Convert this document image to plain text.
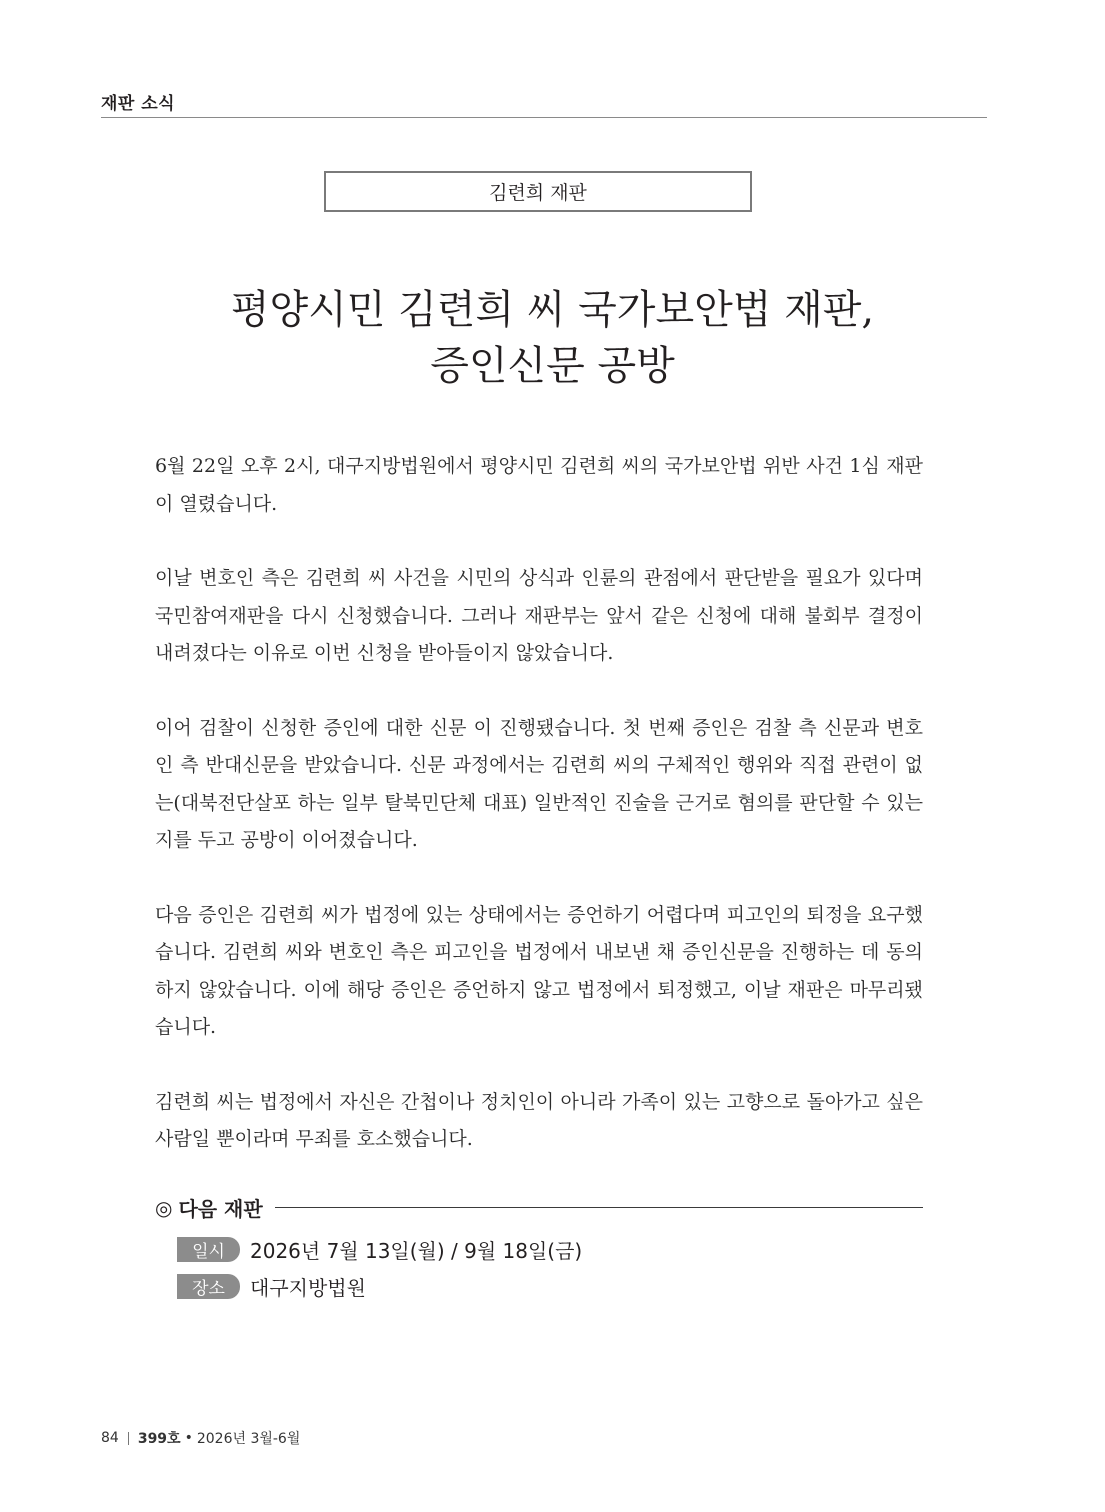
재판 소식
김련희 재판
평양시민 김련희 씨 국가보안법 재판,
증인신문 공방

6월 22일 오후 2시, 대구지방법원에서 평양시민 김련희 씨의 국가보안법 위반 사건 1심 재판이 열렸습니다.

이날 변호인 측은 김련희 씨 사건을 시민의 상식과 인륜의 관점에서 판단받을 필요가 있다며 국민참여재판을 다시 신청했습니다. 그러나 재판부는 앞서 같은 신청에 대해 불회부 결정이 내려졌다는 이유로 이번 신청을 받아들이지 않았습니다.

이어 검찰이 신청한 증인에 대한 신문 이 진행됐습니다. 첫 번째 증인은 검찰 측 신문과 변호인 측 반대신문을 받았습니다. 신문 과정에서는 김련희 씨의 구체적인 행위와 직접 관련이 없는(대북전단살포 하는 일부 탈북민단체 대표) 일반적인 진술을 근거로 혐의를 판단할 수 있는지를 두고 공방이 이어졌습니다.

다음 증인은 김련희 씨가 법정에 있는 상태에서는 증언하기 어렵다며 피고인의 퇴정을 요구했습니다. 김련희 씨와 변호인 측은 피고인을 법정에서 내보낸 채 증인신문을 진행하는 데 동의하지 않았습니다. 이에 해당 증인은 증언하지 않고 법정에서 퇴정했고, 이날 재판은 마무리됐습니다.

김련희 씨는 법정에서 자신은 간첩이나 정치인이 아니라 가족이 있는 고향으로 돌아가고 싶은 사람일 뿐이라며 무죄를 호소했습니다.

◎ 다음 재판
일시	2026년 7월 13일(월) / 9월 18일(금)
장소	대구지방법원
84 399호 • 2026년 3월-6월
